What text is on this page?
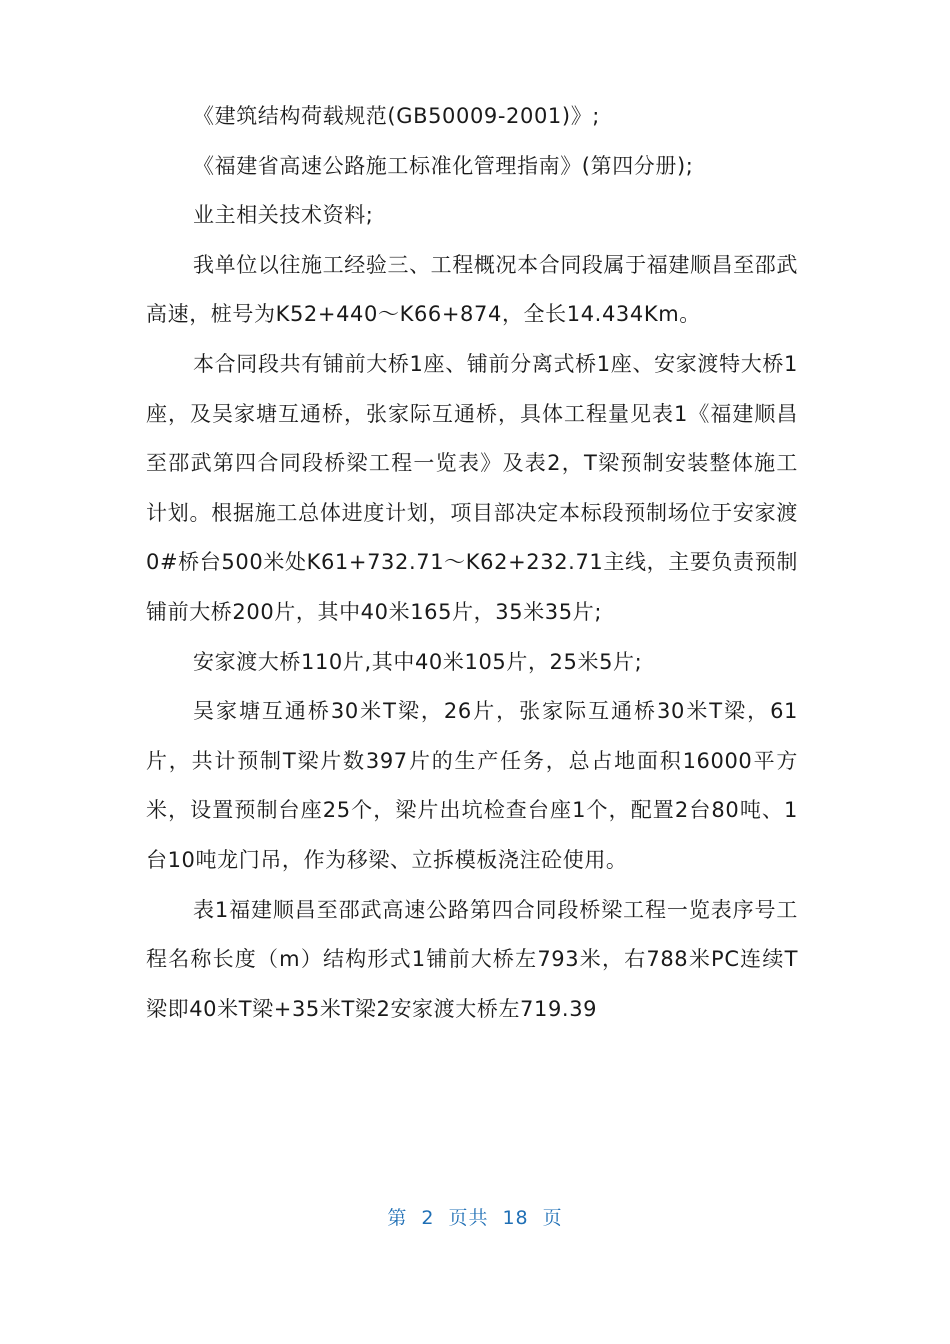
《建筑结构荷载规范(GB50009-2001)》;

《福建省高速公路施工标准化管理指南》(第四分册);

业主相关技术资料;

我单位以往施工经验三、工程概况本合同段属于福建顺昌至邵武高速，桩号为K52+440～K66+874，全长14.434Km。

本合同段共有铺前大桥1座、铺前分离式桥1座、安家渡特大桥1座，及吴家塘互通桥，张家际互通桥，具体工程量见表1《福建顺昌至邵武第四合同段桥梁工程一览表》及表2，T梁预制安装整体施工计划。根据施工总体进度计划，项目部决定本标段预制场位于安家渡0#桥台500米处K61+732.71～K62+232.71主线，主要负责预制铺前大桥200片，其中40米165片，35米35片;

安家渡大桥110片,其中40米105片，25米5片;

吴家塘互通桥30米T梁，26片，张家际互通桥30米T梁，61片，共计预制T梁片数397片的生产任务，总占地面积16000平方米，设置预制台座25个，梁片出坑检查台座1个，配置2台80吨、1台10吨龙门吊，作为移梁、立拆模板浇注砼使用。

表1福建顺昌至邵武高速公路第四合同段桥梁工程一览表序号工程名称长度（m）结构形式1铺前大桥左793米，右788米PC连续T梁即40米T梁+35米T梁2安家渡大桥左719.39

第 2 页共 18 页
